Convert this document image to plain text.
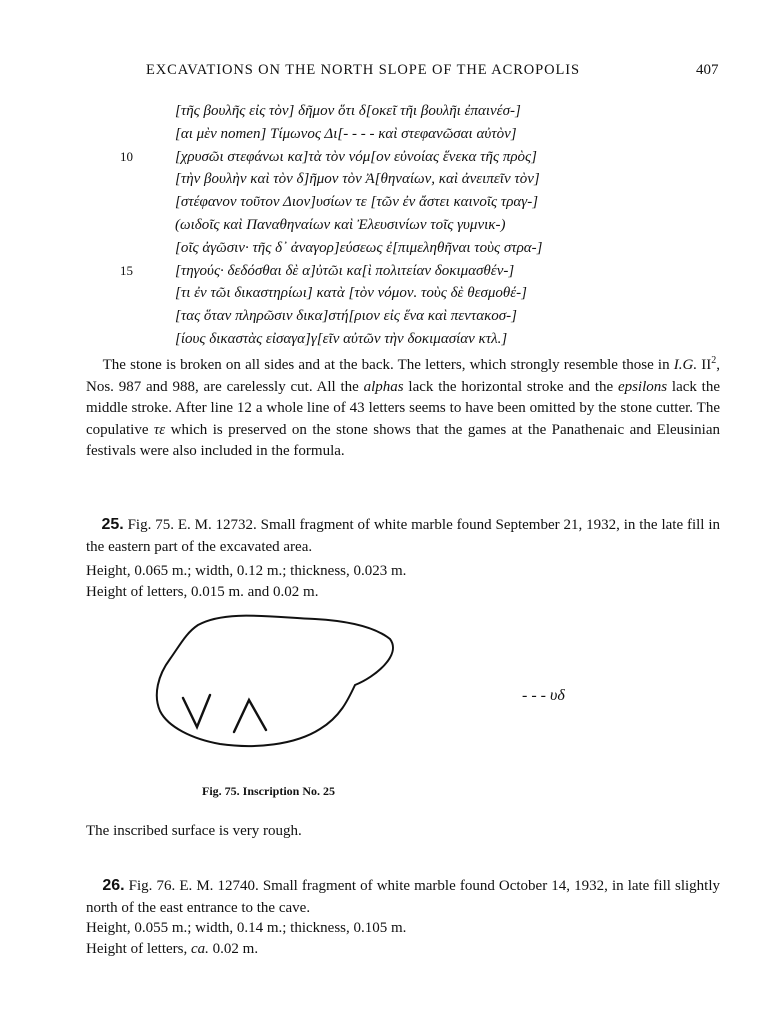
EXCAVATIONS ON THE NORTH SLOPE OF THE ACROPOLIS	407
[τῆς βουλῆς εἰς τὸν] δῆμον ὅτι δ[οκεῖ τῆι βουλῆι ἐπαινέσ-]
[αι μὲν nomen] Τίμωνος Δι[- - - - καὶ στεφανῶσαι αὐτὸν]
10	[χρυσῶι στεφάνωι κα]τὰ τὸν νόμ[ον εὐνοίας ἕνεκα τῆς πρὸς]
[τὴν βουλὴν καὶ τὸν δ]ῆμον τὸν Ἀ[θηναίων, καὶ ἀνειπεῖν τὸν]
[στέφανον τοῦτον Διον]υσίων τε [τῶν ἐν ἄστει καινοῖς τραγ-]
(ωιδοῖς καὶ Παναθηναίων καὶ Ἐλευσινίων τοῖς γυμνικ-)
[οῖς ἀγῶσιν· τῆς δ᾽ ἀναγορ]εύσεως ἐ[πιμεληθῆναι τοὺς στρα-]
15	[τηγούς· δεδόσθαι δὲ α]ὐτῶι κα[ὶ πολιτείαν δοκιμασθέν-]
[τι ἐν τῶι δικαστηρίωι] κατὰ [τὸν νόμον. τοὺς δὲ θεσμοθέ-]
[τας ὅταν πληρῶσιν δικα]στή[ριον εἰς ἕνα καὶ πεντακοσ-]
[ίους δικαστὰς εἰσαγα]γ[εῖν αὐτῶν τὴν δοκιμασίαν κτλ.]

The stone is broken on all sides and at the back. The letters, which strongly resemble those in I.G. $II^2$, Nos. 987 and 988, are carelessly cut. All the alphas lack the horizontal stroke and the epsilons lack the middle stroke. After line 12 a whole line of 43 letters seems to have been omitted by the stone cutter. The copulative τε which is preserved on the stone shows that the games at the Panathenaic and Eleusinian festivals were also included in the formula.

25. Fig. 75. E. M. 12732. Small fragment of white marble found September 21, 1932, in the late fill in the eastern part of the excavated area.

Height, 0.065 m.; width, 0.12 m.; thickness, 0.023 m.
Height of letters, 0.015 m. and 0.02 m.
- - - υδ
Fig. 75. Inscription No. 25
The inscribed surface is very rough.

26. Fig. 76. E. M. 12740. Small fragment of white marble found October 14, 1932, in late fill slightly north of the east entrance to the cave.

Height, 0.055 m.; width, 0.14 m.; thickness, 0.105 m.
Height of letters, ca. 0.02 m.
